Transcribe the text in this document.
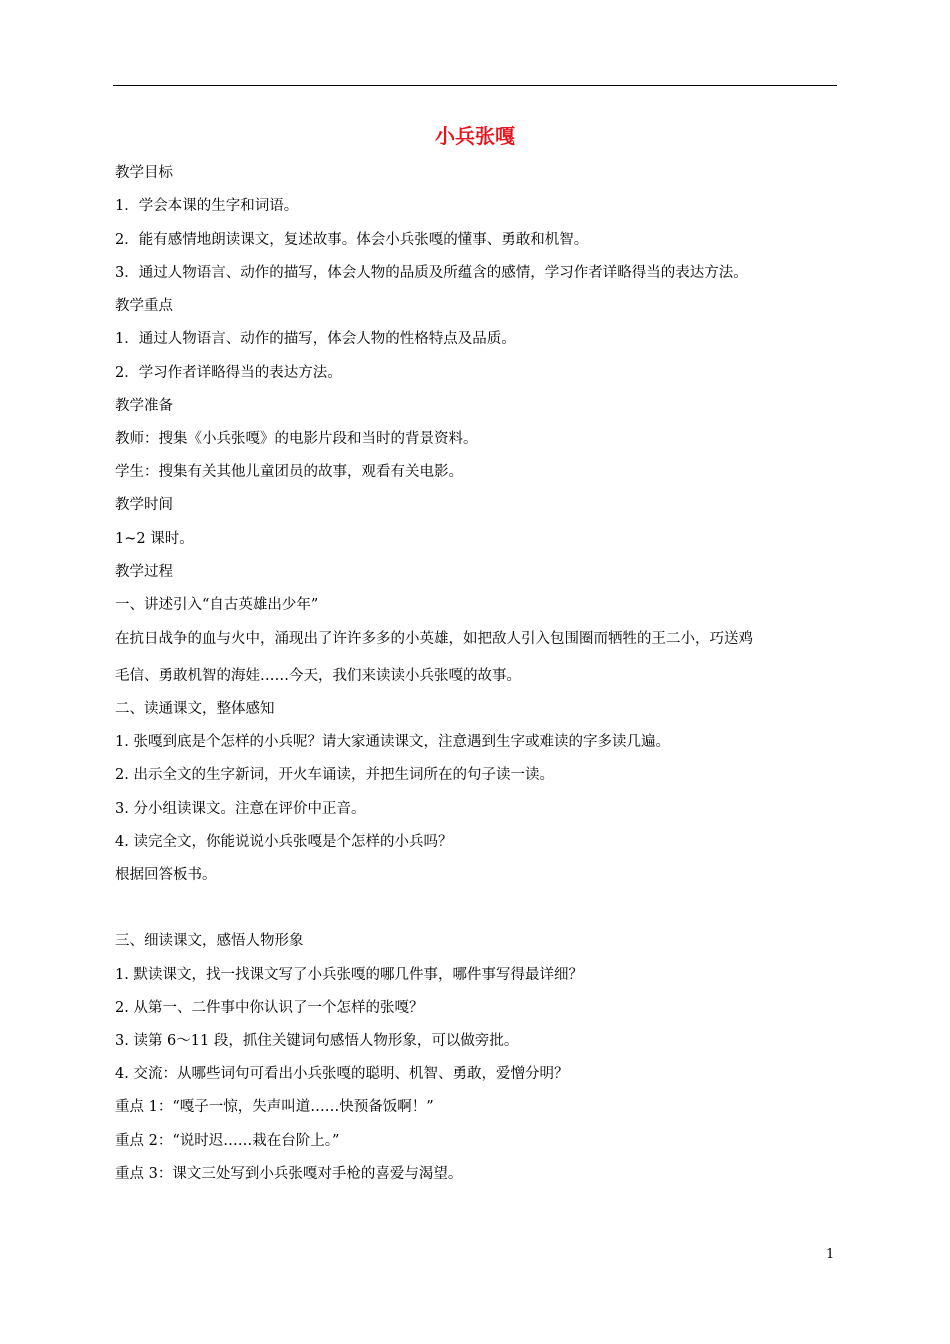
小兵张嘎
教学目标
1．学会本课的生字和词语。
2．能有感情地朗读课文，复述故事。体会小兵张嘎的懂事、勇敢和机智。
3．通过人物语言、动作的描写，体会人物的品质及所蕴含的感情，学习作者详略得当的表达方法。
教学重点
1．通过人物语言、动作的描写，体会人物的性格特点及品质。
2．学习作者详略得当的表达方法。
教学准备
教师：搜集《小兵张嘎》的电影片段和当时的背景资料。
学生：搜集有关其他儿童团员的故事，观看有关电影。
教学时间
1~2 课时。
教学过程
一、讲述引入“自古英雄出少年”
在抗日战争的血与火中，涌现出了许许多多的小英雄，如把敌人引入包围圈而牺牲的王二小，巧送鸡
毛信、勇敢机智的海娃……今天，我们来读读小兵张嘎的故事。
二、读通课文，整体感知
1. 张嘎到底是个怎样的小兵呢？请大家通读课文，注意遇到生字或难读的字多读几遍。
2. 出示全文的生字新词，开火车诵读，并把生词所在的句子读一读。
3. 分小组读课文。注意在评价中正音。
4. 读完全文，你能说说小兵张嘎是个怎样的小兵吗？
根据回答板书。
三、细读课文，感悟人物形象
1. 默读课文，找一找课文写了小兵张嘎的哪几件事，哪件事写得最详细？
2. 从第一、二件事中你认识了一个怎样的张嘎？
3. 读第 6～11 段，抓住关键词句感悟人物形象，可以做旁批。
4. 交流：从哪些词句可看出小兵张嘎的聪明、机智、勇敢，爱憎分明？
重点 1：“嘎子一惊，失声叫道……快预备饭啊！”
重点 2：“说时迟……栽在台阶上。”
重点 3：课文三处写到小兵张嘎对手枪的喜爱与渴望。
1
